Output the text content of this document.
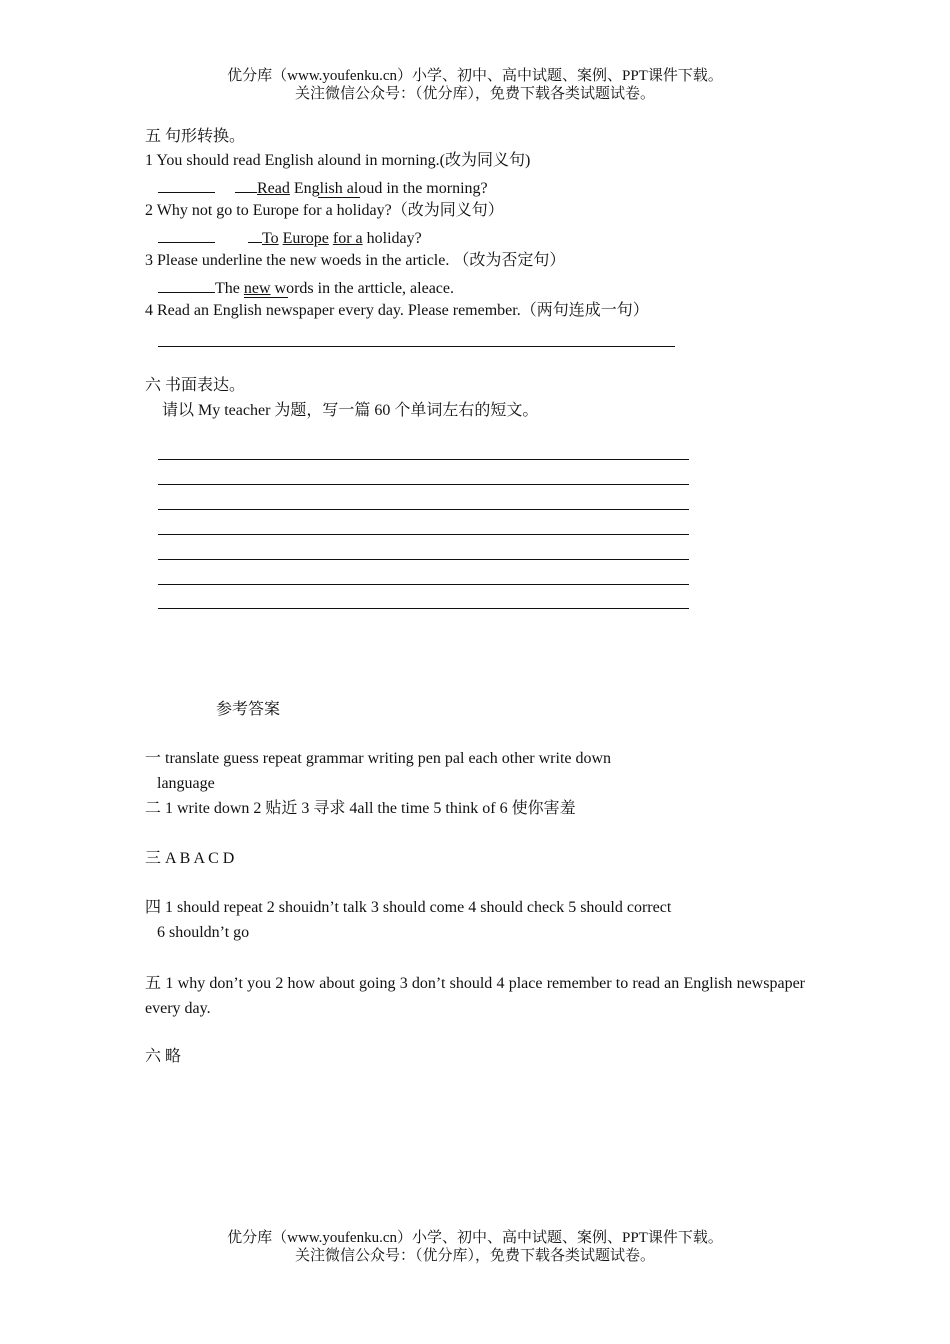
优分库（www.youfenku.cn）小学、初中、高中试题、案例、PPT课件下载。
关注微信公众号：（优分库），免费下载各类试题试卷。
五 句形转换。
1 You should read English alound in morning.(改为同义句)
Read English aloud in the morning?
2 Why not go to Europe for a holiday?（改为同义句）
To Europe for a holiday?
3 Please underline the new woeds in the article. （改为否定句）
The new words in the artticle, aleace.
4 Read an English newspaper every day. Please remember.（两句连成一句）
六 书面表达。
请以 My teacher 为题，写一篇 60 个单词左右的短文。
参考答案
一 translate guess repeat grammar writing pen pal each other write down
language
二 1 write down 2 贴近 3 寻求 4all the time 5 think of 6 使你害羞
三 A B A C D
四 1 should repeat 2 shouidn’t talk 3 should come 4 should check 5 should correct
6 shouldn’t go
五 1 why don’t you 2 how about going 3 don’t should 4 place remember to read an English newspaper every day.
六 略
优分库（www.youfenku.cn）小学、初中、高中试题、案例、PPT课件下载。
关注微信公众号：（优分库），免费下载各类试题试卷。
